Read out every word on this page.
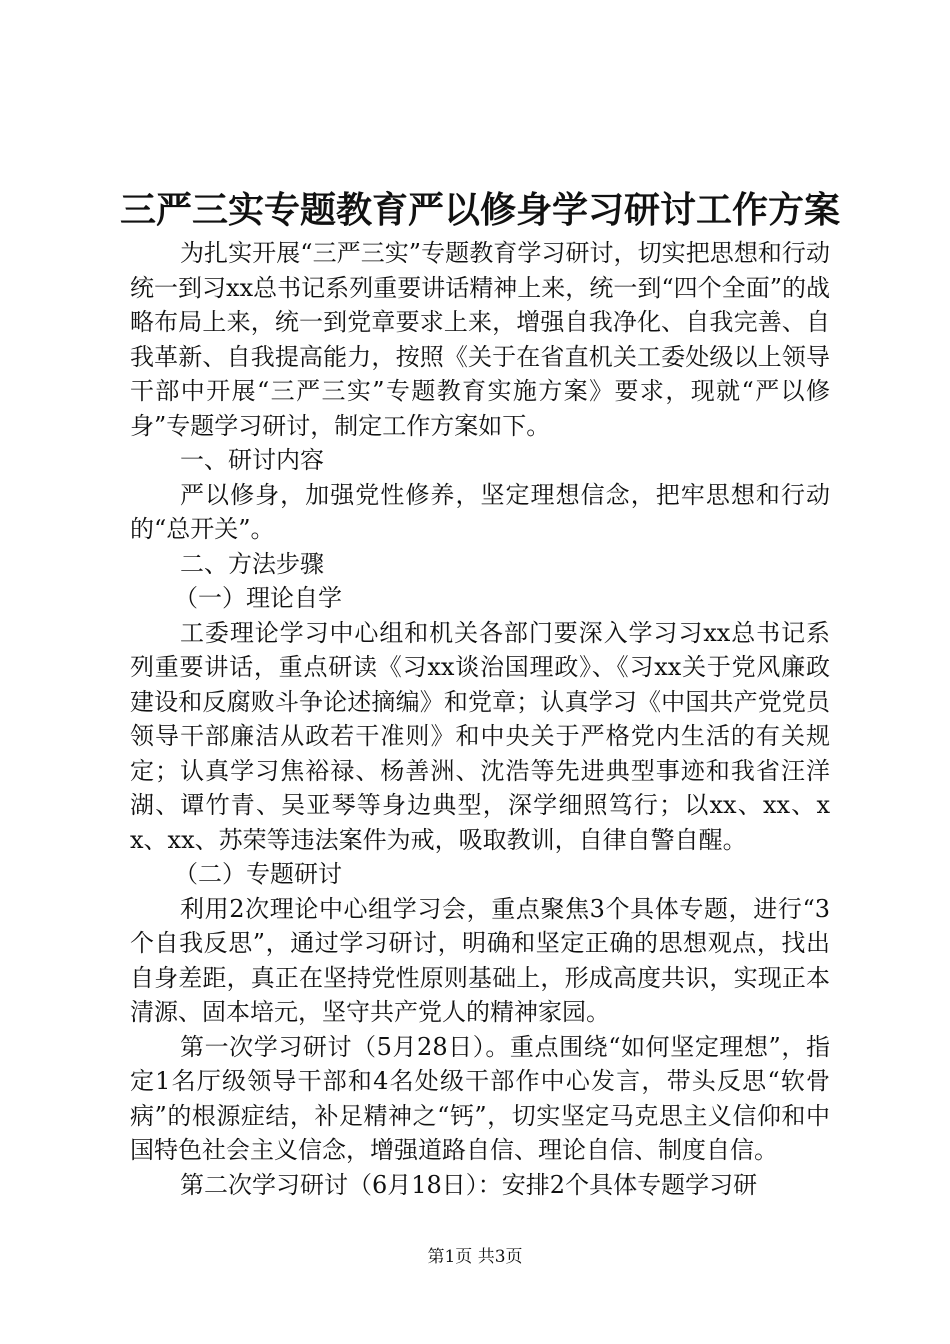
三严三实专题教育严以修身学习研讨工作方案

为扎实开展“三严三实”专题教育学习研讨，切实把思想和行动统一到习xx总书记系列重要讲话精神上来，统一到“四个全面”的战略布局上来，统一到党章要求上来，增强自我净化、自我完善、自我革新、自我提高能力，按照《关于在省直机关工委处级以上领导干部中开展“三严三实”专题教育实施方案》要求，现就“严以修身”专题学习研讨，制定工作方案如下。

一、研讨内容

严以修身，加强党性修养，坚定理想信念，把牢思想和行动的“总开关”。

二、方法步骤

（一）理论自学

工委理论学习中心组和机关各部门要深入学习习xx总书记系列重要讲话，重点研读《习xx谈治国理政》、《习xx关于党风廉政建设和反腐败斗争论述摘编》和党章；认真学习《中国共产党党员领导干部廉洁从政若干准则》和中央关于严格党内生活的有关规定；认真学习焦裕禄、杨善洲、沈浩等先进典型事迹和我省汪洋湖、谭竹青、吴亚琴等身边典型，深学细照笃行；以xx、xx、xx、xx、苏荣等违法案件为戒，吸取教训，自律自警自醒。

（二）专题研讨

利用2次理论中心组学习会，重点聚焦3个具体专题，进行“3个自我反思”，通过学习研讨，明确和坚定正确的思想观点，找出自身差距，真正在坚持党性原则基础上，形成高度共识，实现正本清源、固本培元，坚守共产党人的精神家园。

第一次学习研讨（5月28日）。重点围绕“如何坚定理想”，指定1名厅级领导干部和4名处级干部作中心发言，带头反思“软骨病”的根源症结，补足精神之“钙”，切实坚定马克思主义信仰和中国特色社会主义信念，增强道路自信、理论自信、制度自信。

第二次学习研讨（6月18日）：安排2个具体专题学习研

第1页 共3页
